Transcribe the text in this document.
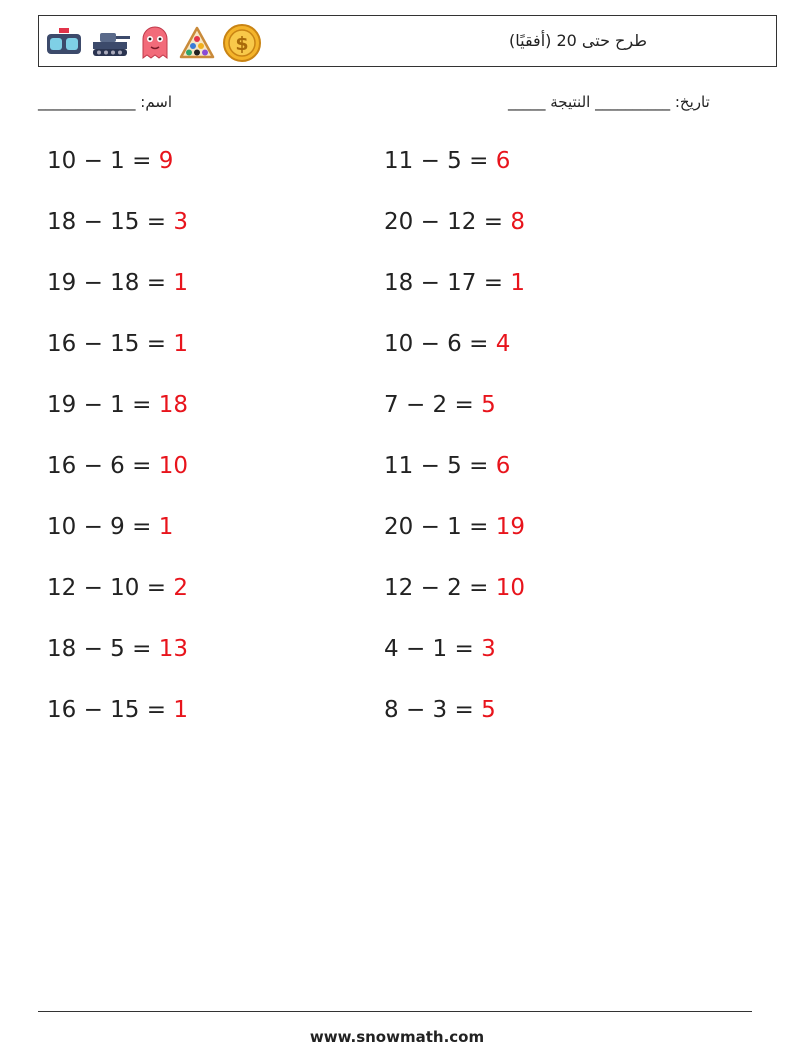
$	طرح حتى 20 (أفقيًا)
اسم: _____________	تاريخ: __________ النتيجة _____
10 − 1 = 9	11 − 5 = 6
18 − 15 = 3	20 − 12 = 8
19 − 18 = 1	18 − 17 = 1
16 − 15 = 1	10 − 6 = 4
19 − 1 = 18	7 − 2 = 5
16 − 6 = 10	11 − 5 = 6
10 − 9 = 1	20 − 1 = 19
12 − 10 = 2	12 − 2 = 10
18 − 5 = 13	4 − 1 = 3
16 − 15 = 1	8 − 3 = 5
www.snowmath.com
